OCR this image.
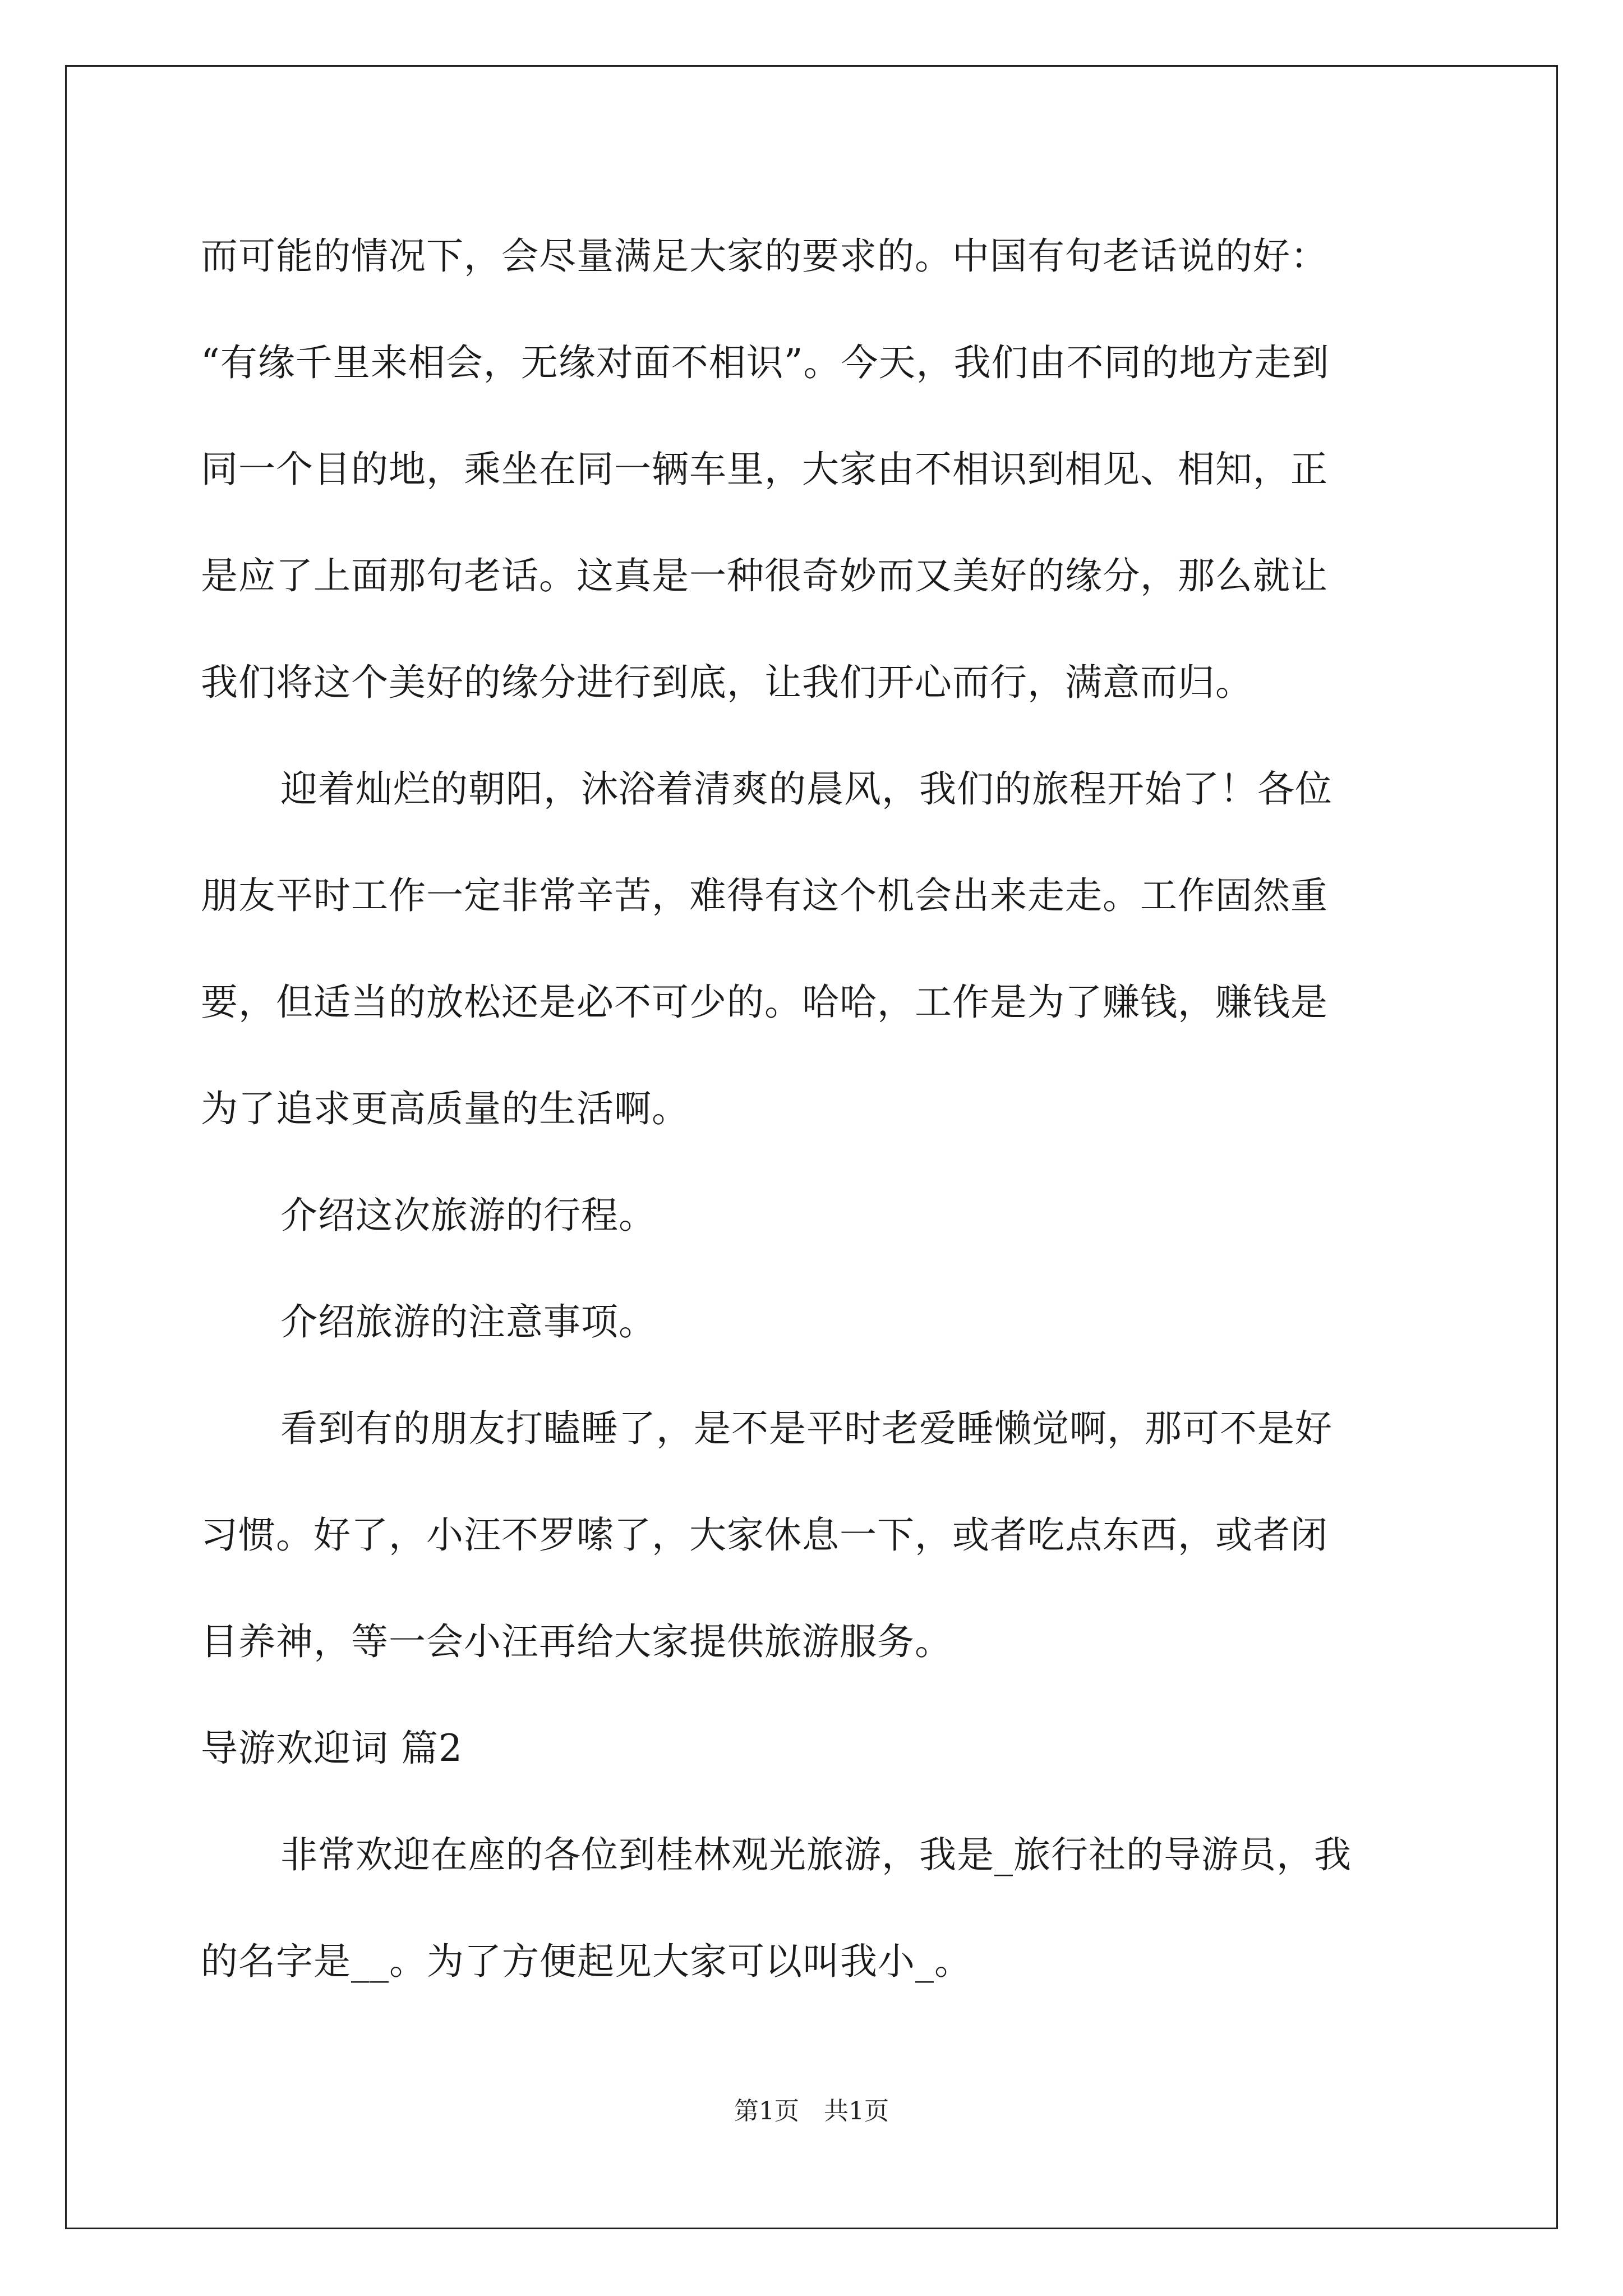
而可能的情况下，会尽量满足大家的要求的。中国有句老话说的好：
“有缘千里来相会，无缘对面不相识”。今天，我们由不同的地方走到
同一个目的地，乘坐在同一辆车里，大家由不相识到相见、相知，正
是应了上面那句老话。这真是一种很奇妙而又美好的缘分，那么就让
我们将这个美好的缘分进行到底，让我们开心而行，满意而归。
迎着灿烂的朝阳，沐浴着清爽的晨风，我们的旅程开始了！各位
朋友平时工作一定非常辛苦，难得有这个机会出来走走。工作固然重
要，但适当的放松还是必不可少的。哈哈，工作是为了赚钱，赚钱是
为了追求更高质量的生活啊。
介绍这次旅游的行程。
介绍旅游的注意事项。
看到有的朋友打瞌睡了，是不是平时老爱睡懒觉啊，那可不是好
习惯。好了，小汪不罗嗦了，大家休息一下，或者吃点东西，或者闭
目养神，等一会小汪再给大家提供旅游服务。
导游欢迎词 篇2
非常欢迎在座的各位到桂林观光旅游，我是_旅行社的导游员，我
的名字是__。为了方便起见大家可以叫我小_。
第1页 共1页
